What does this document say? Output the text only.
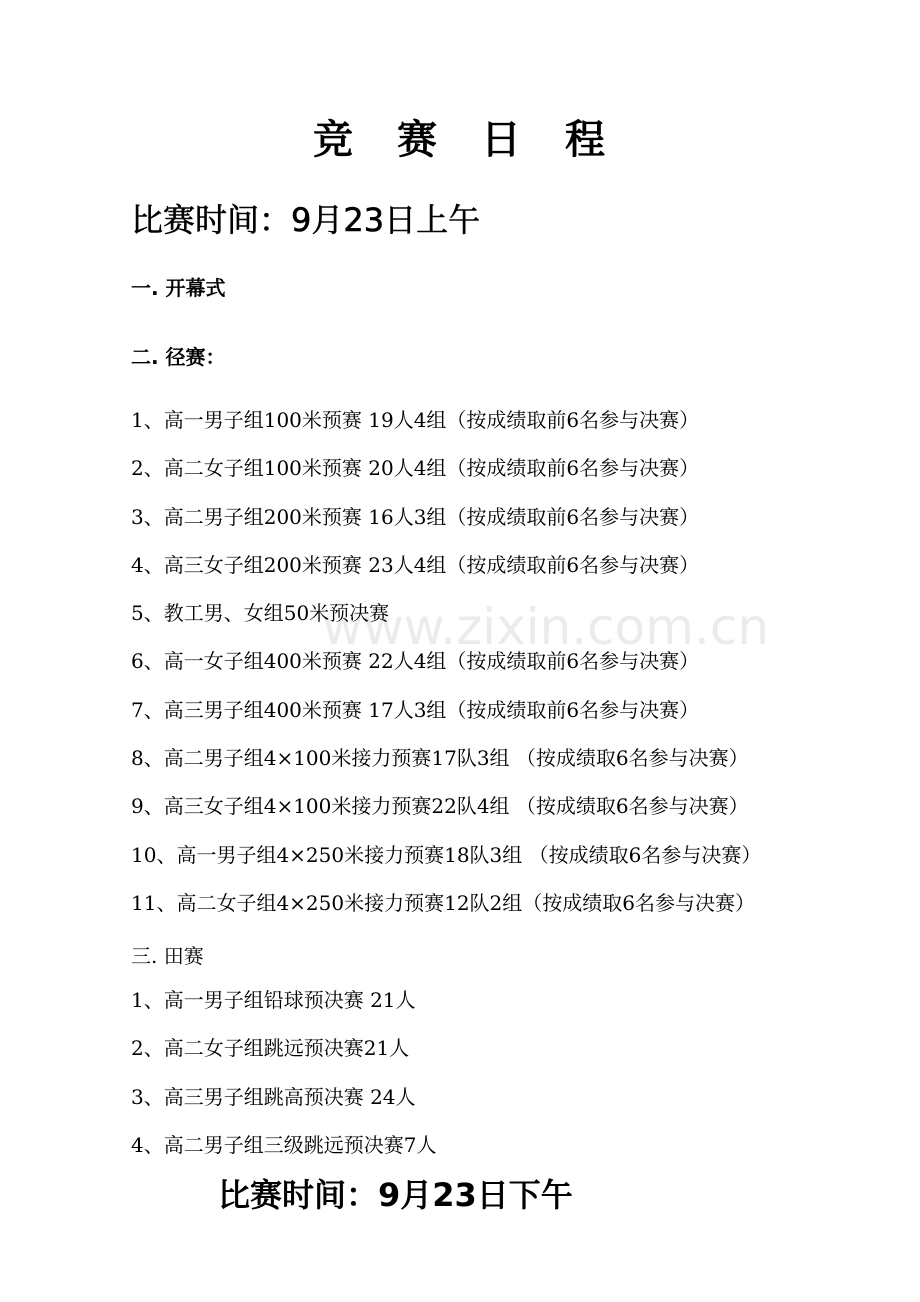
竞　赛　日　程
比赛时间：9月23日上午
一. 开幕式
二. 径赛：
1、高一男子组100米预赛 19人4组（按成绩取前6名参与决赛）
2、高二女子组100米预赛 20人4组（按成绩取前6名参与决赛）
3、高二男子组200米预赛 16人3组（按成绩取前6名参与决赛）
4、高三女子组200米预赛 23人4组（按成绩取前6名参与决赛）
5、教工男、女组50米预决赛
6、高一女子组400米预赛 22人4组（按成绩取前6名参与决赛）
7、高三男子组400米预赛 17人3组（按成绩取前6名参与决赛）
8、高二男子组4×100米接力预赛17队3组 （按成绩取6名参与决赛）
9、高三女子组4×100米接力预赛22队4组 （按成绩取6名参与决赛）
10、高一男子组4×250米接力预赛18队3组 （按成绩取6名参与决赛）
11、高二女子组4×250米接力预赛12队2组（按成绩取6名参与决赛）
三. 田赛
1、高一男子组铅球预决赛 21人
2、高二女子组跳远预决赛21人
3、高三男子组跳高预决赛 24人
4、高二男子组三级跳远预决赛7人
www.zixin.com.cn
比赛时间：9月23日下午
